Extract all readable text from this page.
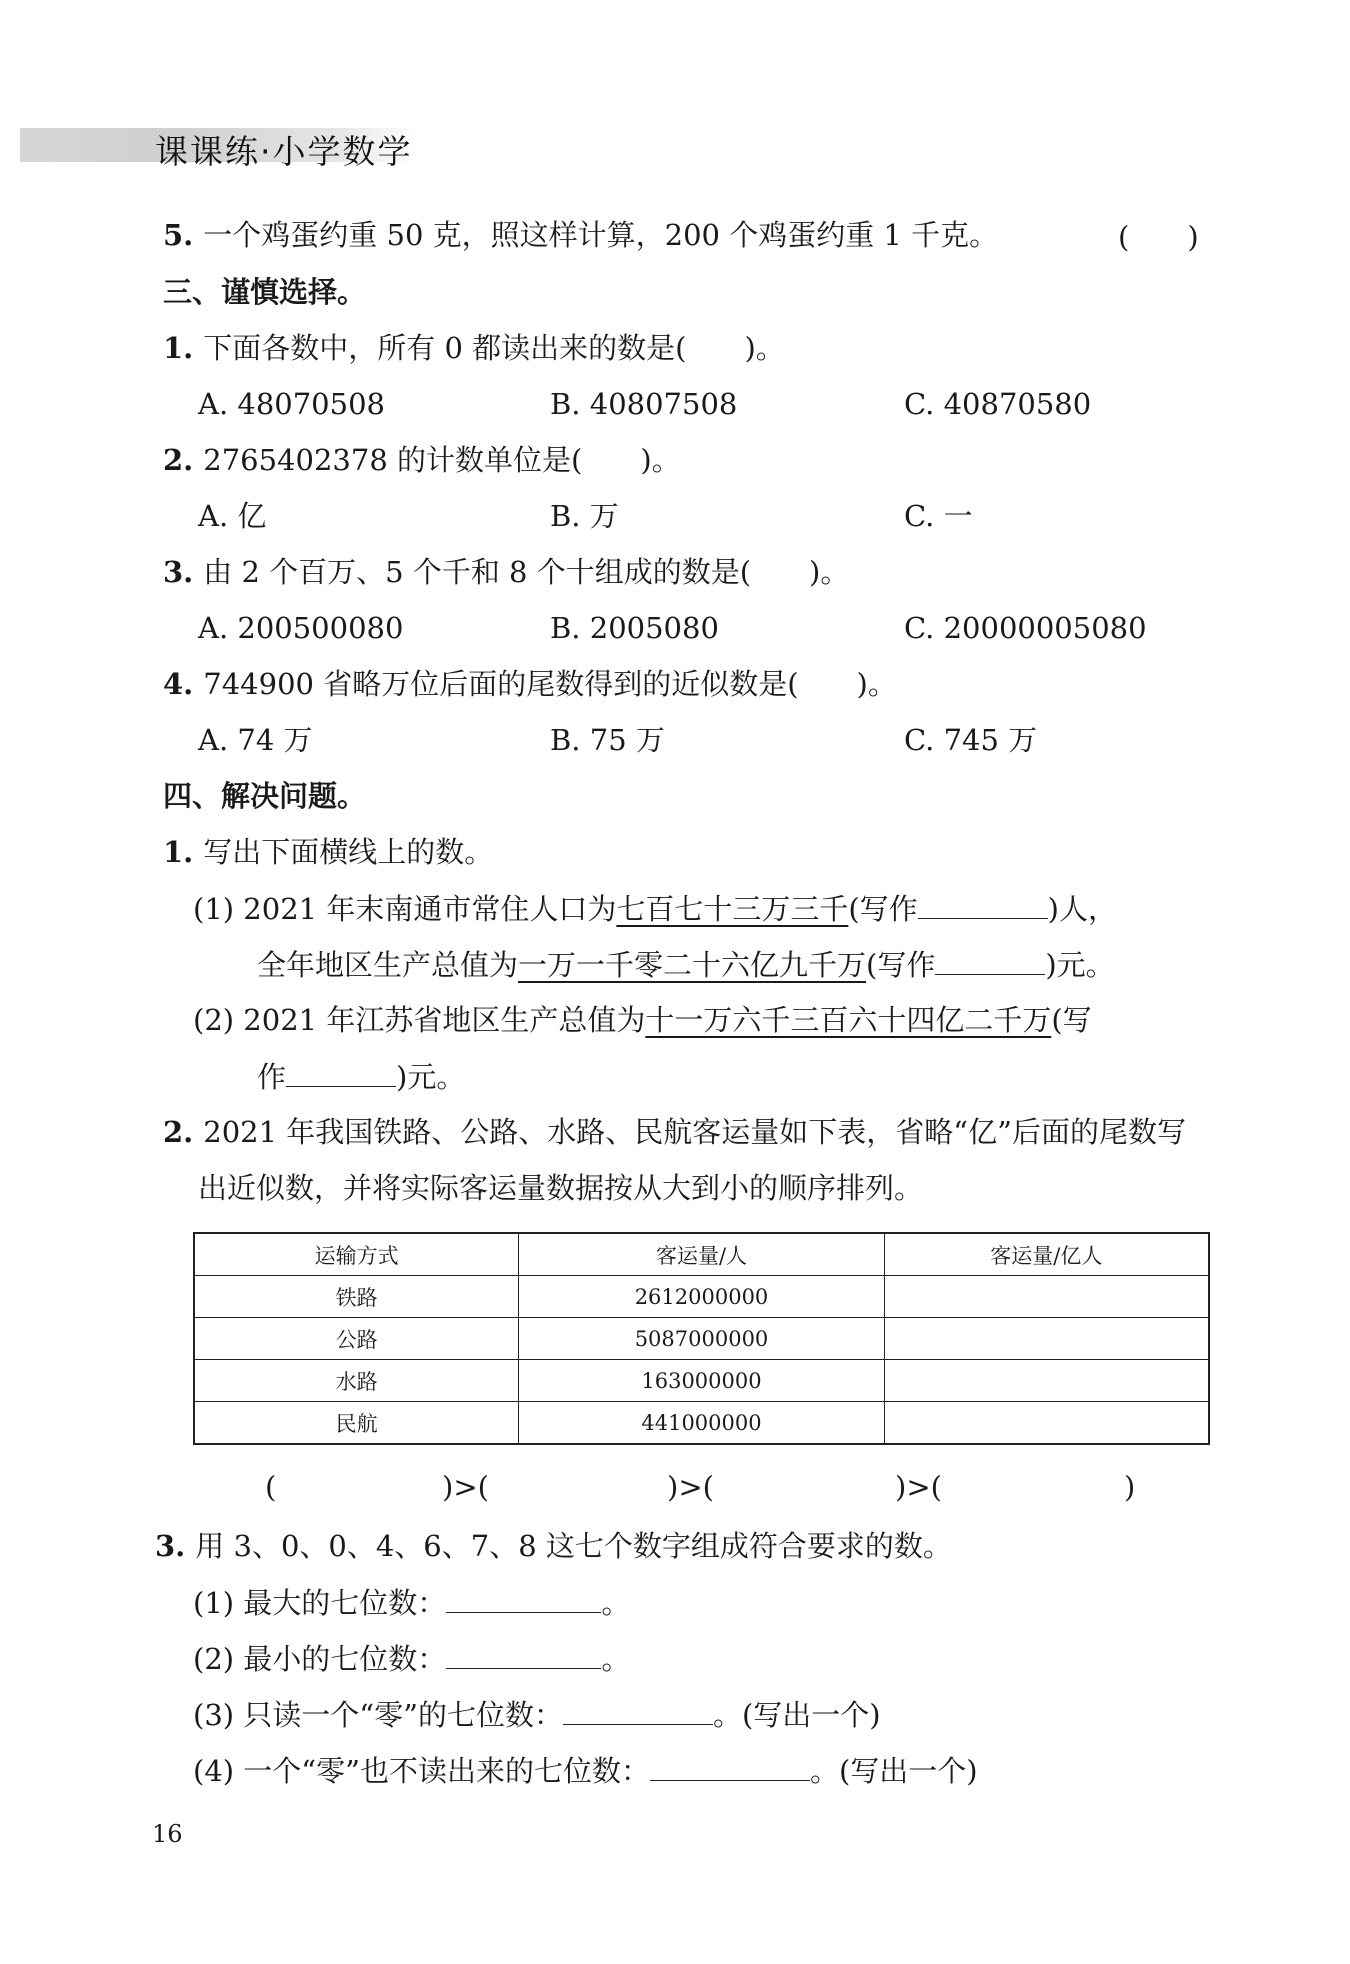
课课练·小学数学
5. 一个鸡蛋约重 50 克，照这样计算，200 个鸡蛋约重 1 千克。	(　　)
三、谨慎选择。
1. 下面各数中，所有 0 都读出来的数是(　　)。
A. 48070508	B. 40807508	C. 40870580
2. 2765402378 的计数单位是(　　)。
A. 亿	B. 万	C. 一
3. 由 2 个百万、5 个千和 8 个十组成的数是(　　)。
A. 200500080	B. 2005080	C. 20000005080
4. 744900 省略万位后面的尾数得到的近似数是(　　)。
A. 74 万	B. 75 万	C. 745 万
四、解决问题。
1. 写出下面横线上的数。
(1) 2021 年末南通市常住人口为七百七十三万三千(写作	)人，
全年地区生产总值为一万一千零二十六亿九千万(写作	)元。
(2) 2021 年江苏省地区生产总值为十一万六千三百六十四亿二千万(写
作	)元。
2. 2021 年我国铁路、公路、水路、民航客运量如下表，省略“亿”后面的尾数写
出近似数，并将实际客运量数据按从大到小的顺序排列。
运输方式	客运量/人	客运量/亿人
铁路	2612000000	
公路	5087000000	
水路	163000000	
民航	441000000	
(	)>(	)>(	)>(	)
3. 用 3、0、0、4、6、7、8 这七个数字组成符合要求的数。
(1) 最大的七位数：	。
(2) 最小的七位数：	。
(3) 只读一个“零”的七位数：	。(写出一个)
(4) 一个“零”也不读出来的七位数：	。(写出一个)
16
